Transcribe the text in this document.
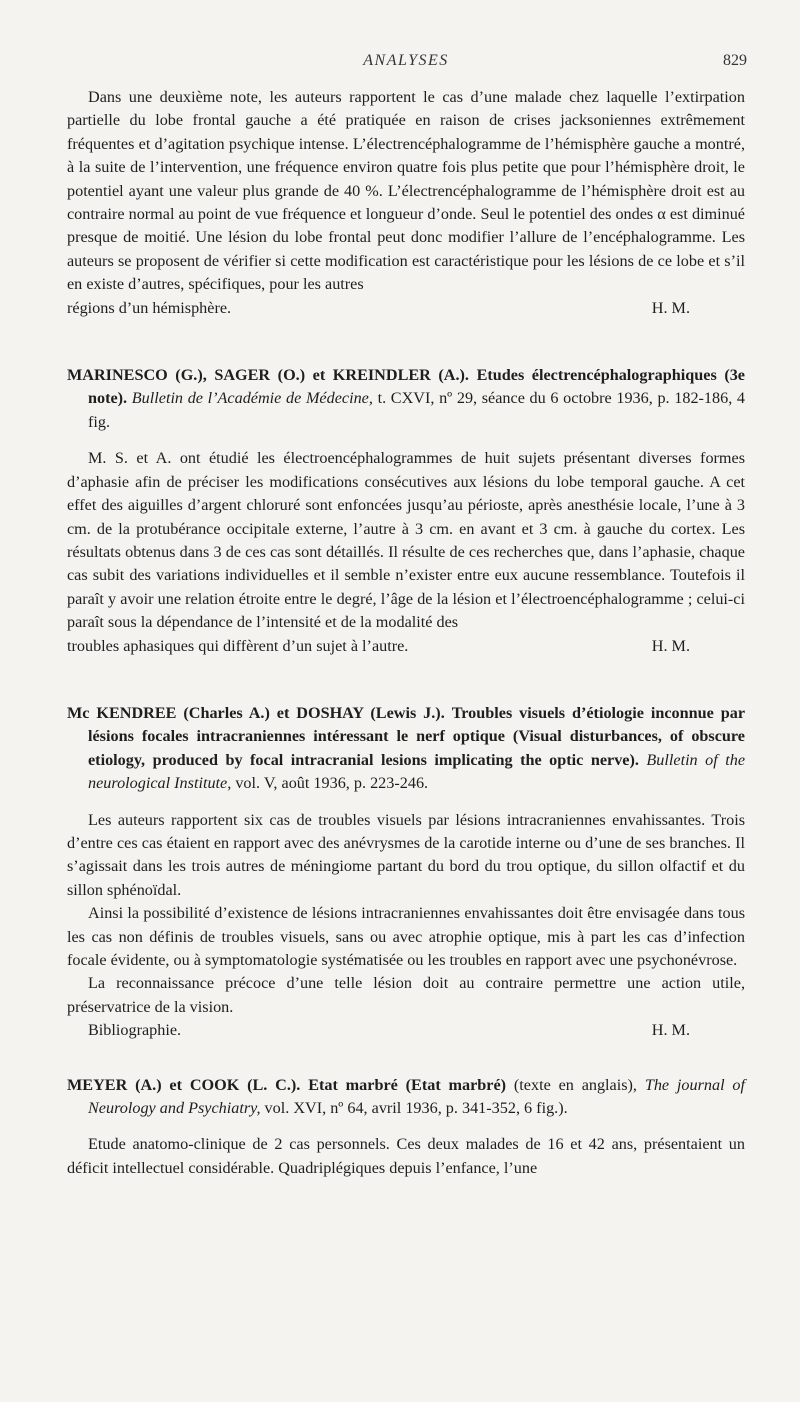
ANALYSES	829

Dans une deuxième note, les auteurs rapportent le cas d’une malade chez laquelle l’extirpation partielle du lobe frontal gauche a été pratiquée en raison de crises jacksoniennes extrêmement fréquentes et d’agitation psychique intense. L’électrencéphalogramme de l’hémisphère gauche a montré, à la suite de l’intervention, une fréquence environ quatre fois plus petite que pour l’hémisphère droit, le potentiel ayant une valeur plus grande de 40 %. L’électrencéphalogramme de l’hémisphère droit est au contraire normal au point de vue fréquence et longueur d’onde. Seul le potentiel des ondes α est diminué presque de moitié. Une lésion du lobe frontal peut donc modifier l’allure de l’encéphalogramme. Les auteurs se proposent de vérifier si cette modification est caractéristique pour les lésions de ce lobe et s’il en existe d’autres, spécifiques, pour les autres

régions d’un hémisphère.	H. M.

MARINESCO (G.), SAGER (O.) et KREINDLER (A.). Etudes électrencéphalographiques (3e note). Bulletin de l’Académie de Médecine, t. CXVI, nº 29, séance du 6 octobre 1936, p. 182-186, 4 fig.

M. S. et A. ont étudié les électroencéphalogrammes de huit sujets présentant diverses formes d’aphasie afin de préciser les modifications consécutives aux lésions du lobe temporal gauche. A cet effet des aiguilles d’argent chloruré sont enfoncées jusqu’au périoste, après anesthésie locale, l’une à 3 cm. de la protubérance occipitale externe, l’autre à 3 cm. en avant et 3 cm. à gauche du cortex. Les résultats obtenus dans 3 de ces cas sont détaillés. Il résulte de ces recherches que, dans l’aphasie, chaque cas subit des variations individuelles et il semble n’exister entre eux aucune ressemblance. Toutefois il paraît y avoir une relation étroite entre le degré, l’âge de la lésion et l’électroencéphalogramme ; celui-ci paraît sous la dépendance de l’intensité et de la modalité des

troubles aphasiques qui diffèrent d’un sujet à l’autre.	H. M.

Mc KENDREE (Charles A.) et DOSHAY (Lewis J.). Troubles visuels d’étiologie inconnue par lésions focales intracraniennes intéressant le nerf optique (Visual disturbances, of obscure etiology, produced by focal intracranial lesions implicating the optic nerve). Bulletin of the neurological Institute, vol. V, août 1936, p. 223-246.

Les auteurs rapportent six cas de troubles visuels par lésions intracraniennes envahissantes. Trois d’entre ces cas étaient en rapport avec des anévrysmes de la carotide interne ou d’une de ses branches. Il s’agissait dans les trois autres de méningiome partant du bord du trou optique, du sillon olfactif et du sillon sphénoïdal.

Ainsi la possibilité d’existence de lésions intracraniennes envahissantes doit être envisagée dans tous les cas non définis de troubles visuels, sans ou avec atrophie optique, mis à part les cas d’infection focale évidente, ou à symptomatologie systématisée ou les troubles en rapport avec une psychonévrose.

La reconnaissance précoce d’une telle lésion doit au contraire permettre une action utile, préservatrice de la vision.

Bibliographie.	H. M.

MEYER (A.) et COOK (L. C.). Etat marbré (Etat marbré) (texte en anglais), The journal of Neurology and Psychiatry, vol. XVI, nº 64, avril 1936, p. 341-352, 6 fig.).

Etude anatomo-clinique de 2 cas personnels. Ces deux malades de 16 et 42 ans, présentaient un déficit intellectuel considérable. Quadriplégiques depuis l’enfance, l’une
